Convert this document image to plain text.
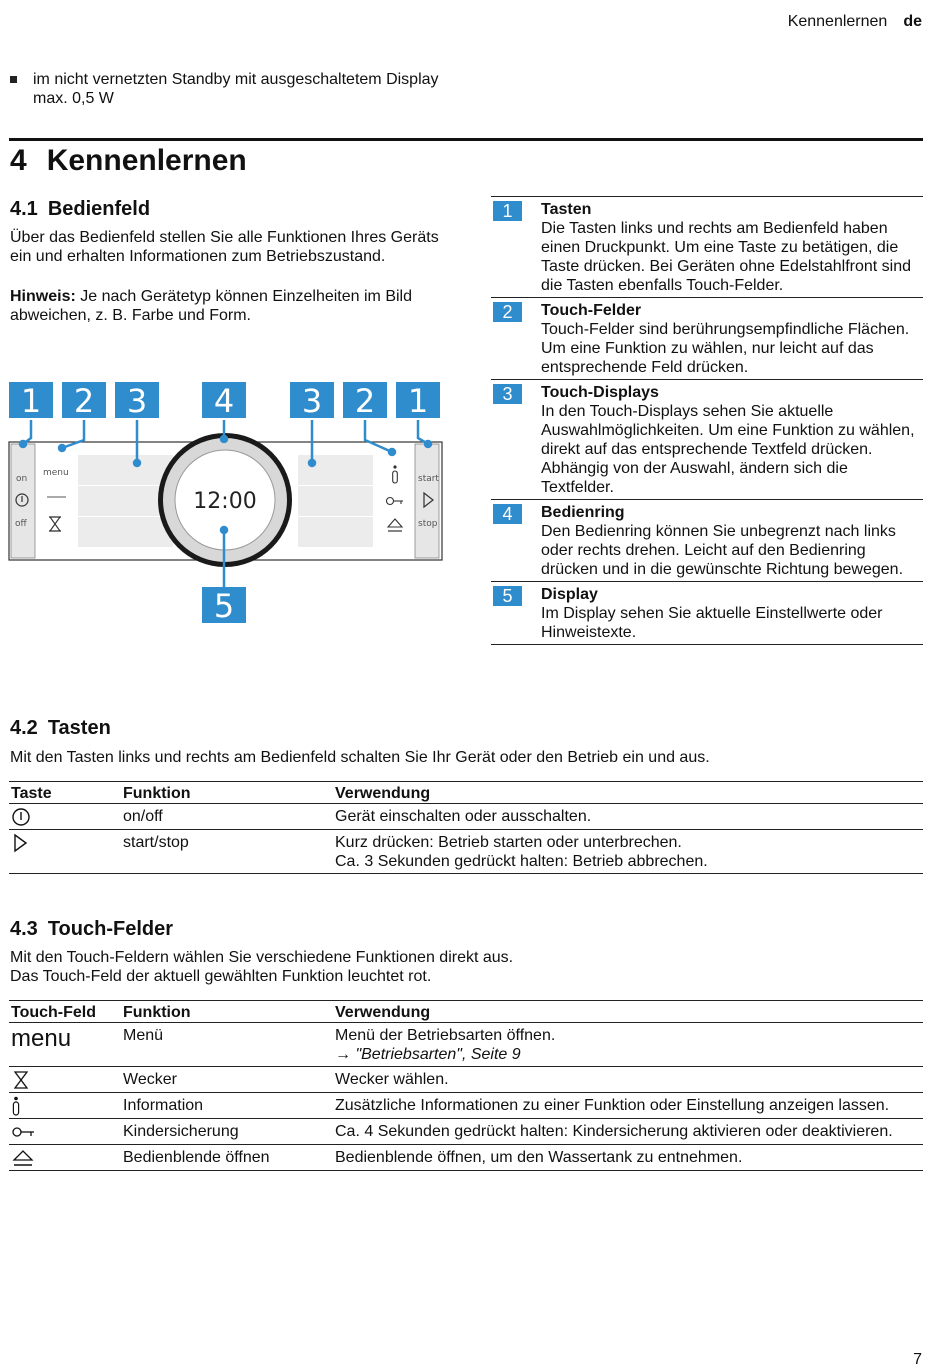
Kennenlernen de
im nicht vernetzten Standby mit ausgeschaltetem Display max. 0,5 W
4 Kennenlernen
4.1 Bedienfeld
Über das Bedienfeld stellen Sie alle Funktionen Ihres Geräts ein und erhalten Informationen zum Betriebszustand.
Hinweis: Je nach Gerätetyp können Einzelheiten im Bild abweichen, z. B. Farbe und Form.
1 2 3 4 3 2 1
5
on
off
menu
start
stop
12:00
1	Tasten
Die Tasten links und rechts am Bedienfeld haben einen Druckpunkt. Um eine Taste zu betätigen, die Taste drücken. Bei Geräten ohne Edelstahlfront sind die Tasten ebenfalls Touch-Felder.
2	Touch-Felder
Touch-Felder sind berührungsempfindliche Flächen. Um eine Funktion zu wählen, nur leicht auf das entsprechende Feld drücken.
3	Touch-Displays
In den Touch-Displays sehen Sie aktuelle Auswahlmöglichkeiten. Um eine Funktion zu wählen, direkt auf das entsprechende Textfeld drücken. Abhängig von der Auswahl, ändern sich die Textfelder.
4	Bedienring
Den Bedienring können Sie unbegrenzt nach links oder rechts drehen. Leicht auf den Bedienring drücken und in die gewünschte Richtung bewegen.
5	Display
Im Display sehen Sie aktuelle Einstellwerte oder Hinweistexte.
4.2 Tasten
Mit den Tasten links und rechts am Bedienfeld schalten Sie Ihr Gerät oder den Betrieb ein und aus.
Taste	Funktion	Verwendung
	on/off	Gerät einschalten oder ausschalten.
	start/stop	Kurz drücken: Betrieb starten oder unterbrechen.
Ca. 3 Sekunden gedrückt halten: Betrieb abbrechen.
4.3 Touch-Felder
Mit den Touch-Feldern wählen Sie verschiedene Funktionen direkt aus.
Das Touch-Feld der aktuell gewählten Funktion leuchtet rot.
Touch-Feld	Funktion	Verwendung
menu	Menü	Menü der Betriebsarten öffnen.
→ "Betriebsarten", Seite 9

	Wecker	Wecker wählen.
	Information	Zusätzliche Informationen zu einer Funktion oder Einstellung anzeigen lassen.
	Kindersicherung	Ca. 4 Sekunden gedrückt halten: Kindersicherung aktivieren oder deaktivieren.
	Bedienblende öffnen	Bedienblende öffnen, um den Wassertank zu entnehmen.
7
